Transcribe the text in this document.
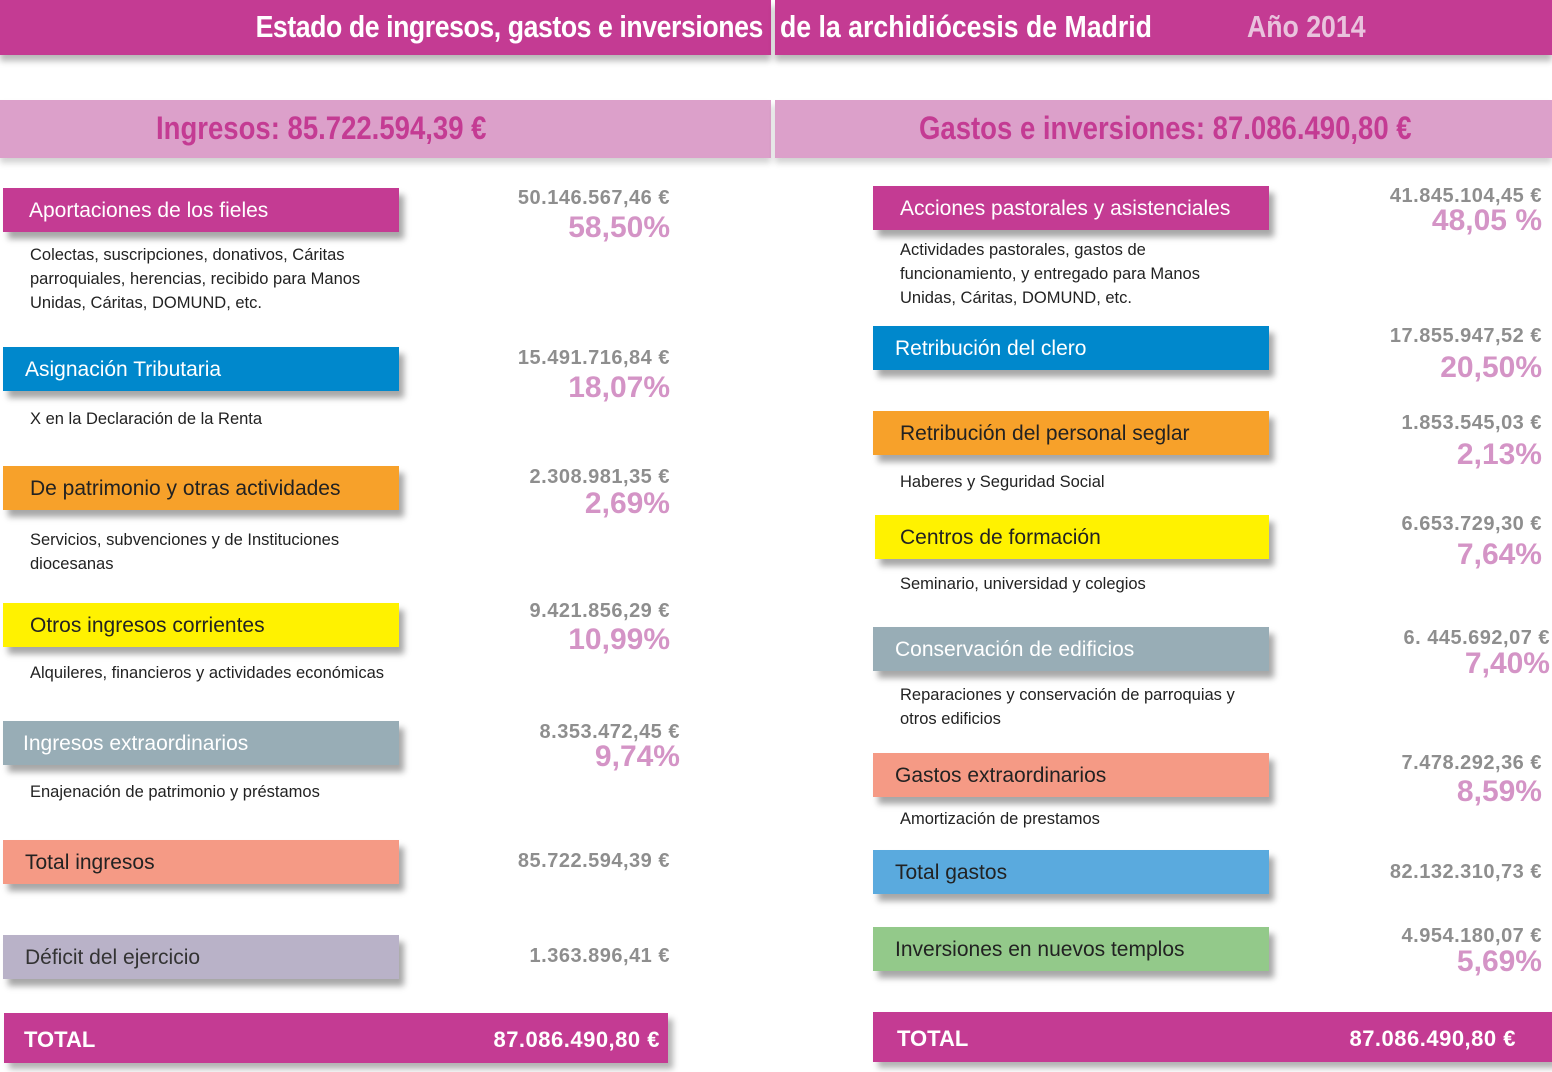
Estado de ingresos, gastos e inversiones de la archidiócesis de Madrid	Año 2014
Ingresos: 85.722.594,39 €	Gastos e inversiones: 87.086.490,80 €
Aportaciones de los fieles
Colectas, suscripciones, donativos, Cáritas parroquiales, herencias, recibido para Manos Unidas, Cáritas, DOMUND, etc.
50.146.567,46 €
58,50%
Asignación Tributaria
X en la Declaración de la Renta
15.491.716,84 €
18,07%
De patrimonio y otras actividades
Servicios, subvenciones y de Instituciones diocesanas
2.308.981,35 €
2,69%
Otros ingresos corrientes
Alquileres, financieros y actividades económicas
9.421.856,29 €
10,99%
Ingresos extraordinarios
Enajenación de patrimonio y préstamos
8.353.472,45 €
9,74%
Total ingresos	85.722.594,39 €
Déficit del ejercicio	1.363.896,41 €
TOTAL	87.086.490,80 €
Acciones pastorales y asistenciales
Actividades pastorales, gastos de funcionamiento, y entregado para Manos Unidas, Cáritas, DOMUND, etc.
41.845.104,45 €
48,05 %
Retribución del clero
17.855.947,52 €
20,50%
Retribución del personal seglar
Haberes y Seguridad Social
1.853.545,03 €
2,13%
Centros de formación
Seminario, universidad y colegios
6.653.729,30 €
7,64%
Conservación de edificios
Reparaciones y conservación de parroquias y otros edificios
6. 445.692,07 €
7,40%
Gastos extraordinarios
Amortización de prestamos
7.478.292,36 €
8,59%
Total gastos	82.132.310,73 €
Inversiones en nuevos templos
4.954.180,07 €
5,69%
TOTAL	87.086.490,80 €
